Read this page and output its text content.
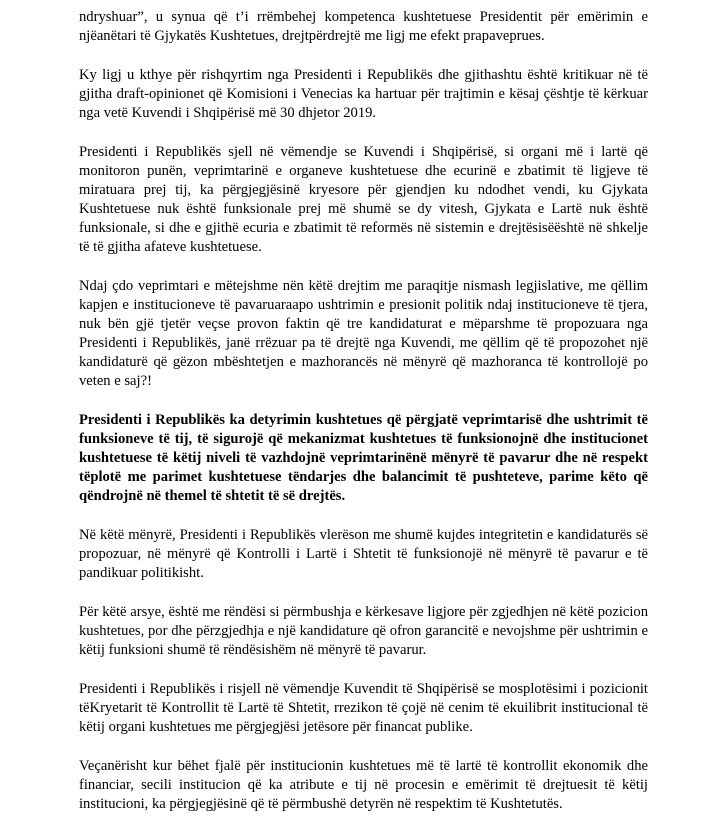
ndryshuar”, u synua që t’i rrëmbehej kompetenca kushtetuese Presidentit për emërimin e njëanëtari të Gjykatës Kushtetues, drejtpërdrejtë me ligj me efekt prapaveprues.

Ky ligj u kthye për rishqyrtim nga Presidenti i Republikës dhe gjithashtu është kritikuar në të gjitha draft-opinionet që Komisioni i Venecias ka hartuar për trajtimin e kësaj çështje të kërkuar nga vetë Kuvendi i Shqipërisë më 30 dhjetor 2019.

Presidenti i Republikës sjell në vëmendje se Kuvendi i Shqipërisë, si organi më i lartë që monitoron punën, veprimtarinë e organeve kushtetuese dhe ecurinë e zbatimit të ligjeve të miratuara prej tij, ka përgjegjësinë kryesore për gjendjen ku ndodhet vendi, ku Gjykata Kushtetuese nuk është funksionale prej më shumë se dy vitesh, Gjykata e Lartë nuk është funksionale, si dhe e gjithë ecuria e zbatimit të reformës në sistemin e drejtësisëështë në shkelje të të gjitha afateve kushtetuese.

Ndaj çdo veprimtari e mëtejshme nën këtë drejtim me paraqitje nismash legjislative, me qëllim kapjen e institucioneve të pavaruaraapo ushtrimin e presionit politik ndaj institucioneve të tjera, nuk bën gjë tjetër veçse provon faktin që tre kandidaturat e mëparshme të propozuara nga Presidenti i Republikës, janë rrëzuar pa të drejtë nga Kuvendi, me qëllim që të propozohet një kandidaturë që gëzon mbështetjen e mazhorancës në mënyrë që mazhoranca të kontrollojë po veten e saj?!

Presidenti i Republikës ka detyrimin kushtetues që përgjatë veprimtarisë dhe ushtrimit të funksioneve të tij, të sigurojë që mekanizmat kushtetues të funksionojnë dhe institucionet kushtetuese të këtij niveli të vazhdojnë veprimtarinënë mënyrë të pavarur dhe në respekt tëplotë me parimet kushtetuese tëndarjes dhe balancimit të pushteteve, parime këto që qëndrojnë në themel të shtetit të së drejtës.

Në këtë mënyrë, Presidenti i Republikës vlerëson me shumë kujdes integritetin e kandidaturës së propozuar, në mënyrë që Kontrolli i Lartë i Shtetit të funksionojë në mënyrë të pavarur e të pandikuar politikisht.

Për këtë arsye, është me rëndësi si përmbushja e kërkesave ligjore për zgjedhjen në këtë pozicion kushtetues, por dhe përzgjedhja e një kandidature që ofron garancitë e nevojshme për ushtrimin e këtij funksioni shumë të rëndësishëm në mënyrë të pavarur.

Presidenti i Republikës i risjell në vëmendje Kuvendit të Shqipërisë se mosplotësimi i pozicionit tëKryetarit të Kontrollit të Lartë të Shtetit, rrezikon të çojë në cenim të ekuilibrit institucional të këtij organi kushtetues me përgjegjësi jetësore për financat publike.

Veçanërisht kur bëhet fjalë për institucionin kushtetues më të lartë të kontrollit ekonomik dhe financiar, secili institucion që ka atribute e tij në procesin e emërimit të drejtuesit të këtij institucioni, ka përgjegjësinë që të përmbushë detyrën në respektim të Kushtetutës.
